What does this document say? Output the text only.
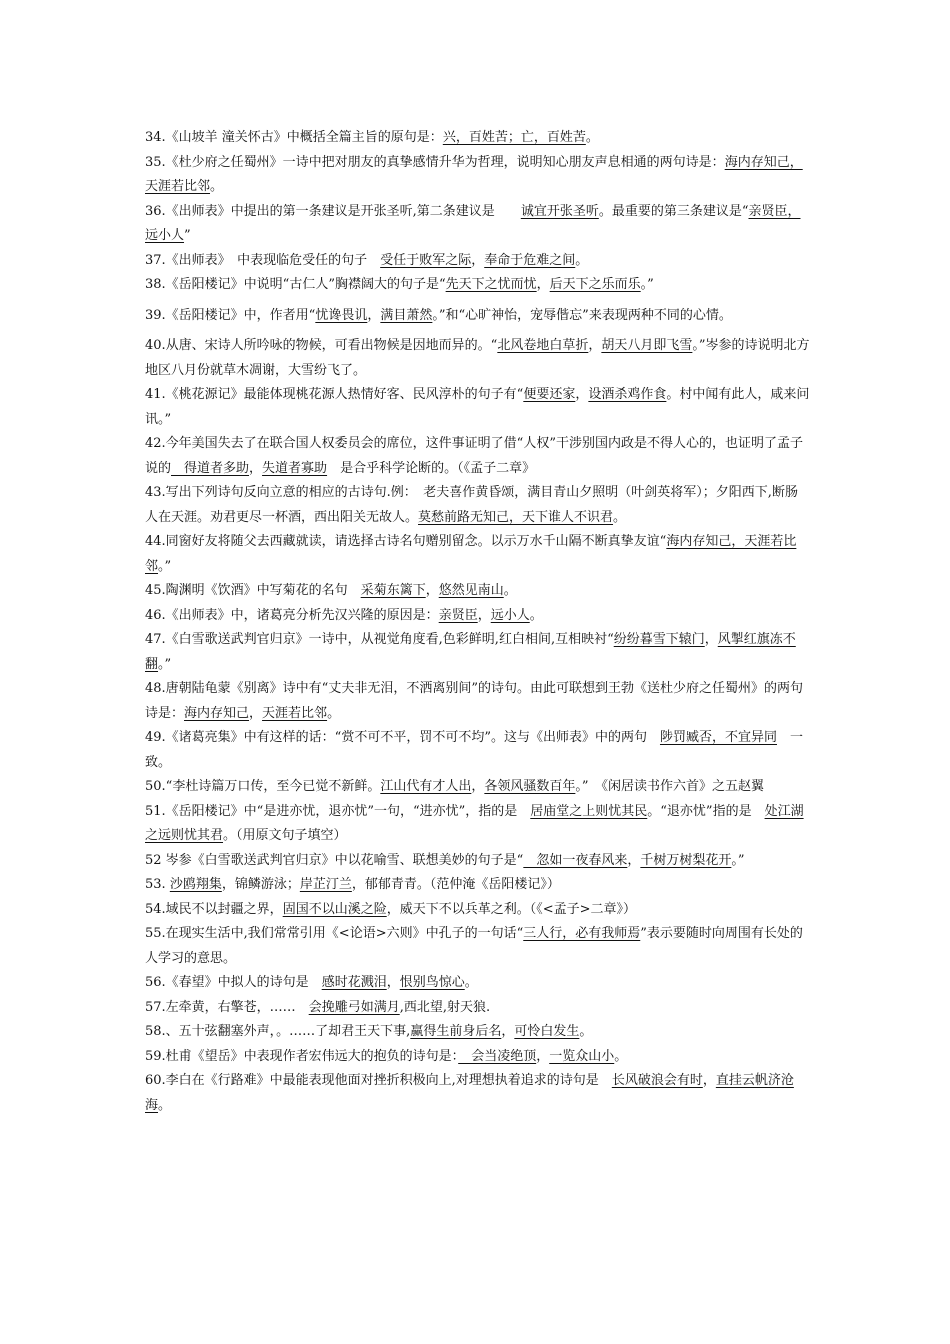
34.《山坡羊 潼关怀古》中概括全篇主旨的原句是：兴，百姓苦；亡，百姓苦。

35.《杜少府之任蜀州》一诗中把对朋友的真挚感情升华为哲理，说明知心朋友声息相通的两句诗是：海内存知己，天涯若比邻。

36.《出师表》中提出的第一条建议是开张圣听,第二条建议是　　诚宜开张圣听。最重要的第三条建议是“亲贤臣，远小人”

37.《出师表》　中表现临危受任的句子　受任于败军之际，奉命于危难之间。

38.《岳阳楼记》中说明“古仁人”胸襟阔大的句子是“先天下之忧而忧，后天下之乐而乐。”

39.《岳阳楼记》中，作者用“忧谗畏讥，满目萧然。”和“心旷神怡，宠辱偕忘”来表现两种不同的心情。

40.从唐、宋诗人所吟咏的物候，可看出物候是因地而异的。“北风卷地白草折，胡天八月即飞雪。”岑参的诗说明北方地区八月份就草木凋谢，大雪纷飞了。

41.《桃花源记》最能体现桃花源人热情好客、民风淳朴的句子有“便要还家，设酒杀鸡作食。村中闻有此人，咸来问讯。”

42.今年美国失去了在联合国人权委员会的席位，这件事证明了借“人权”干涉别国内政是不得人心的，也证明了孟子说的　得道者多助，失道者寡助　是合乎科学论断的。（《孟子二章》

43.写出下列诗句反向立意的相应的古诗句.例：　老夫喜作黄昏颂，满目青山夕照明（叶剑英将军）；夕阳西下,断肠人在天涯。劝君更尽一杯酒，西出阳关无故人。莫愁前路无知己，天下谁人不识君。

44.同窗好友将随父去西藏就读，请选择古诗名句赠别留念。以示万水千山隔不断真挚友谊“海内存知己，天涯若比邻。”

45.陶渊明《饮酒》中写菊花的名句　采菊东篱下，悠然见南山。

46.《出师表》中，诸葛亮分析先汉兴隆的原因是：亲贤臣，远小人。

47.《白雪歌送武判官归京》一诗中，从视觉角度看,色彩鲜明,红白相间,互相映衬“纷纷暮雪下辕门，风掣红旗冻不翻。”

48.唐朝陆龟蒙《别离》诗中有“丈夫非无泪，不洒离别间”的诗句。由此可联想到王勃《送杜少府之任蜀州》的两句诗是：海内存知己，天涯若比邻。

49.《诸葛亮集》中有这样的话：“赏不可不平，罚不可不均”。这与《出师表》中的两句　陟罚臧否，不宜异同　一致。

50.“李杜诗篇万口传，至今已觉不新鲜。江山代有才人出，各领风骚数百年。”　《闲居读书作六首》之五赵翼

51.《岳阳楼记》中“是进亦忧，退亦忧”一句，“进亦忧”，指的是　居庙堂之上则忧其民。“退亦忧”指的是　处江湖之远则忧其君。（用原文句子填空）

52 岑参《白雪歌送武判官归京》中以花喻雪、联想美妙的句子是“　忽如一夜春风来，千树万树梨花开。”

53. 沙鸥翔集，锦鳞游泳；岸芷汀兰，郁郁青青。（范仲淹《岳阳楼记》）

54.域民不以封疆之界，固国不以山溪之险，威天下不以兵革之利。（《<孟子>二章》）

55.在现实生活中,我们常常引用《<论语>六则》中孔子的一句话“三人行，必有我师焉”表示要随时向周围有长处的人学习的意思。

56.《春望》中拟人的诗句是　感时花溅泪，恨别鸟惊心。

57.左牵黄，右擎苍，……　会挽雕弓如满月,西北望,射天狼.

58.、五十弦翻塞外声，。……了却君王天下事,赢得生前身后名，可怜白发生。

59.杜甫《望岳》中表现作者宏伟远大的抱负的诗句是：　会当凌绝顶，一览众山小。

60.李白在《行路难》中最能表现他面对挫折积极向上,对理想执着追求的诗句是　长风破浪会有时，直挂云帆济沧海。
